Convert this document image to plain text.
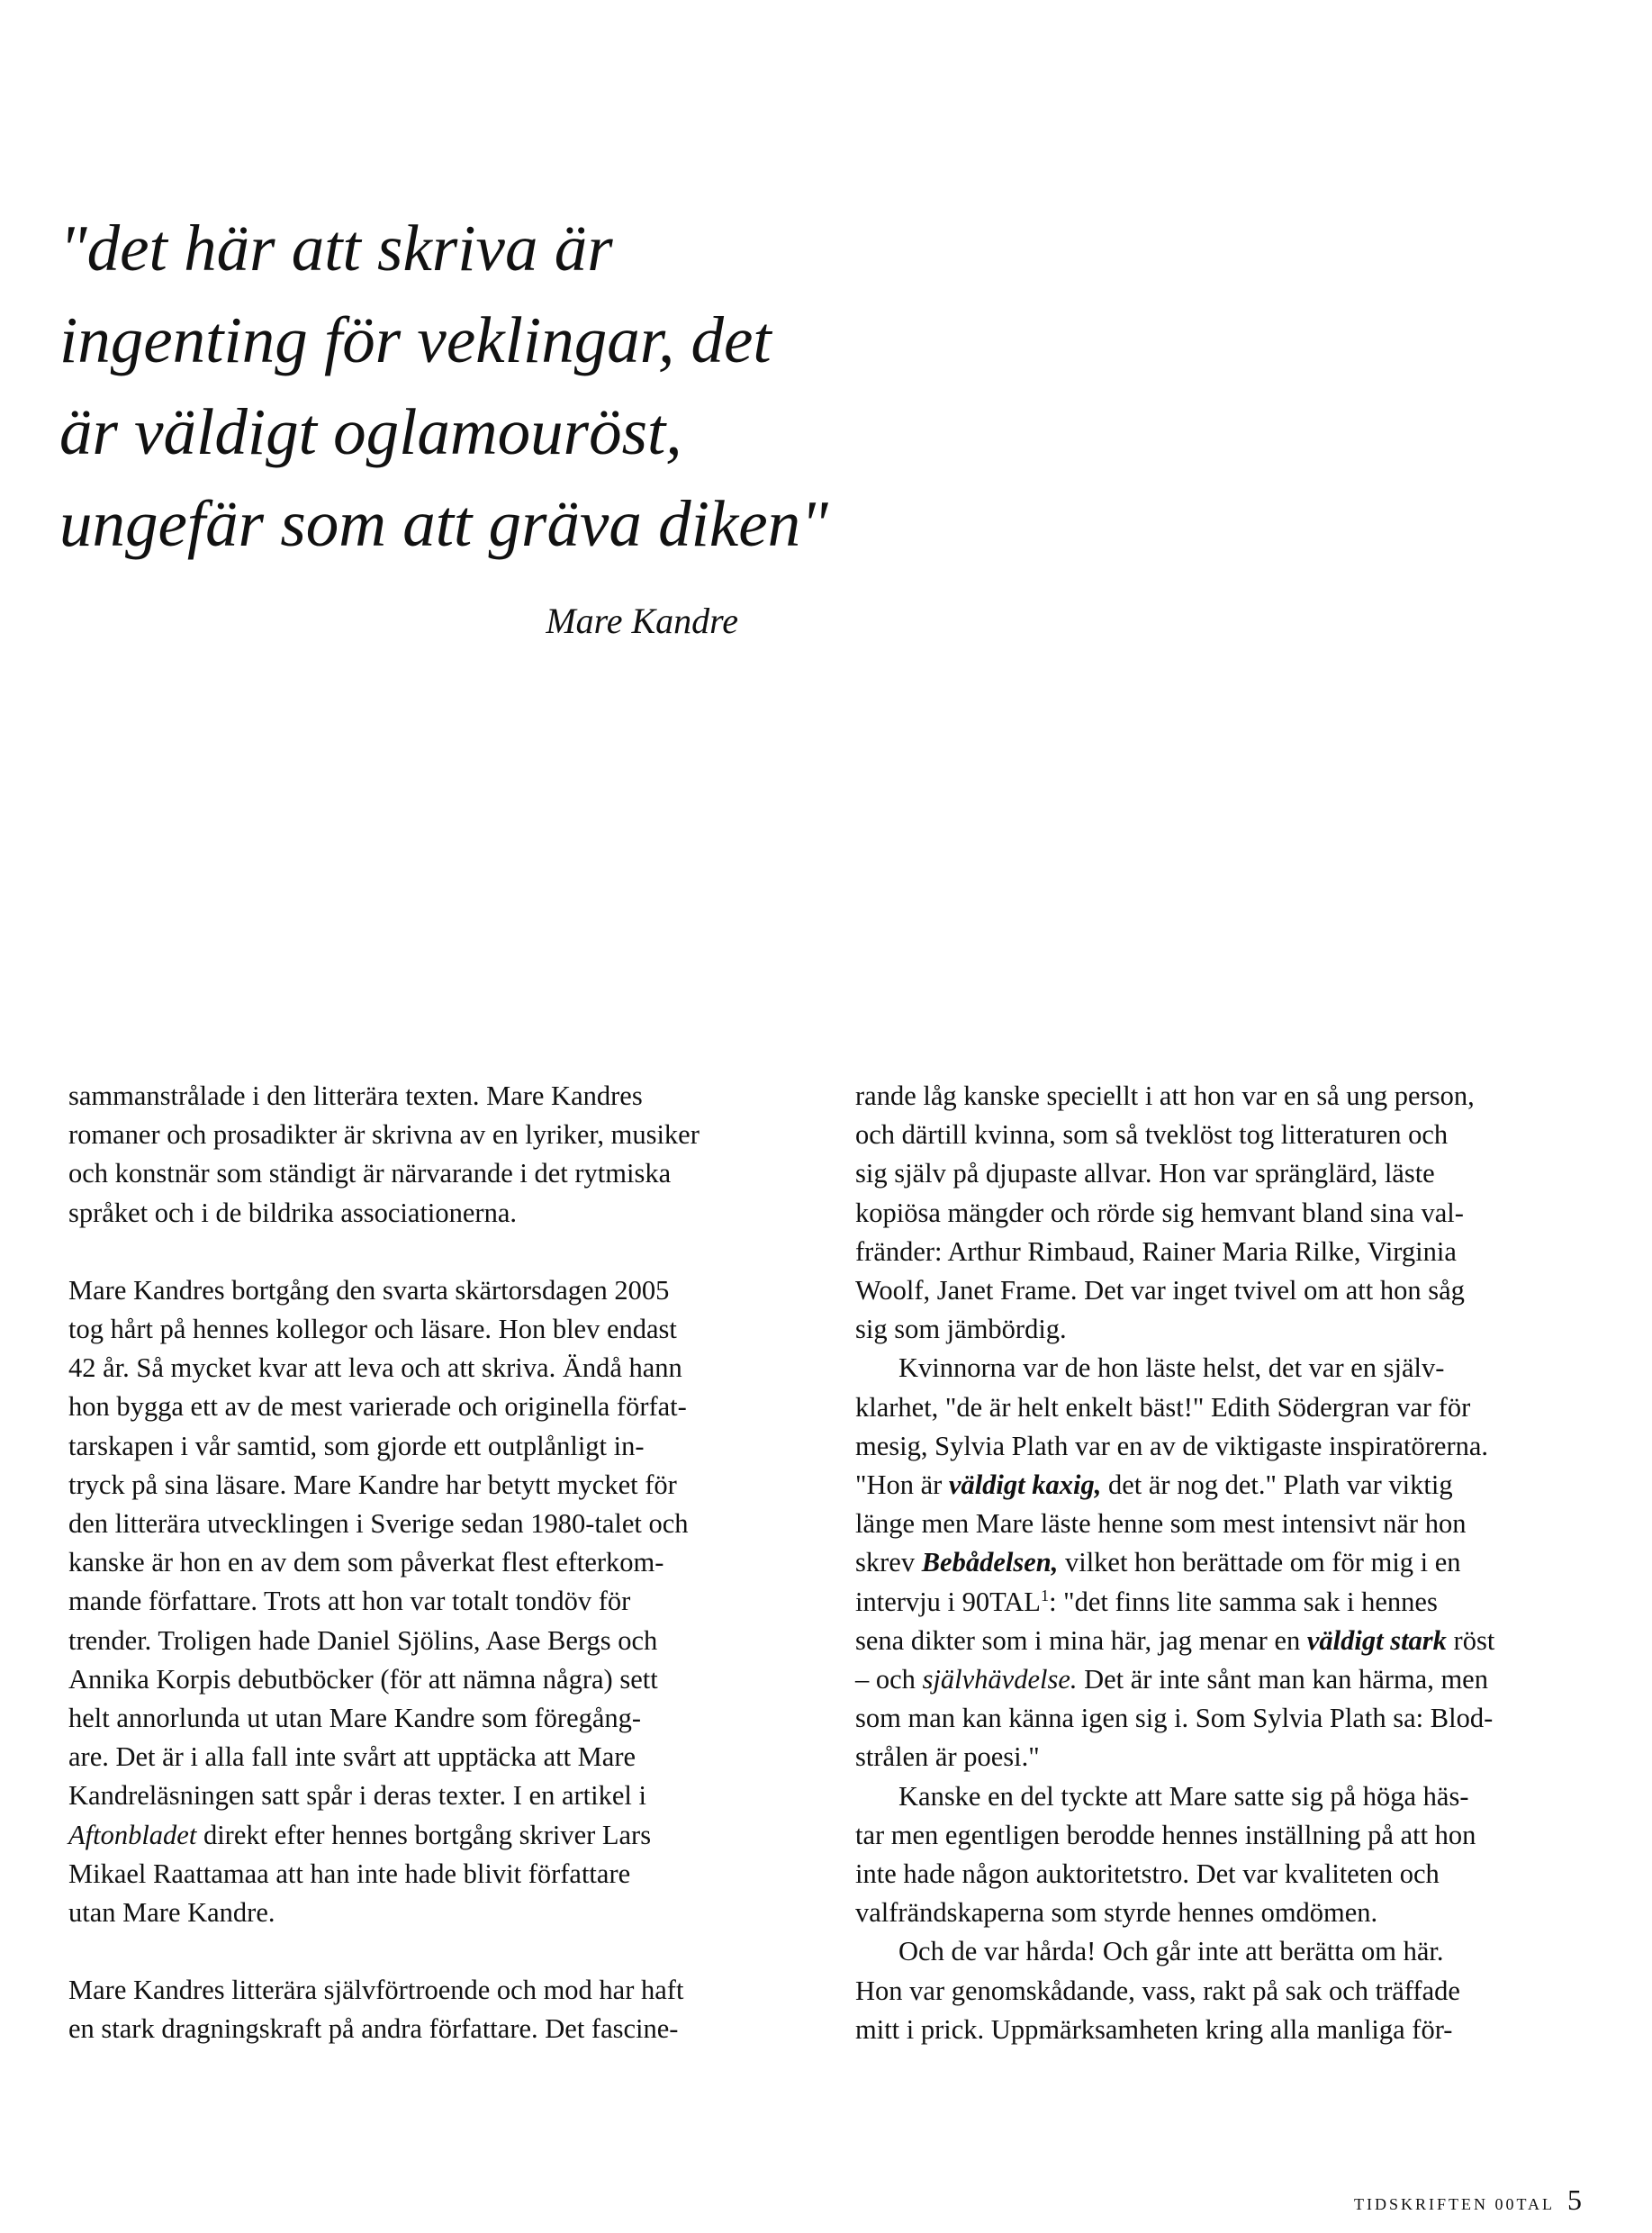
"det här att skriva är
ingenting för veklingar, det
är väldigt oglamouröst,
ungefär som att gräva diken"

Mare Kandre

sammanstrålade i den litterära texten. Mare Kandres
romaner och prosadikter är skrivna av en lyriker, musiker
och konstnär som ständigt är närvarande i det rytmiska
språket och i de bildrika associationerna.

Mare Kandres bortgång den svarta skärtorsdagen 2005
tog hårt på hennes kollegor och läsare. Hon blev endast
42 år. Så mycket kvar att leva och att skriva. Ändå hann
hon bygga ett av de mest varierade och originella förfat-
tarskapen i vår samtid, som gjorde ett outplånligt in-
tryck på sina läsare. Mare Kandre har betytt mycket för
den litterära utvecklingen i Sverige sedan 1980-talet och
kanske är hon en av dem som påverkat flest efterkom-
mande författare. Trots att hon var totalt tondöv för
trender. Troligen hade Daniel Sjölins, Aase Bergs och
Annika Korpis debutböcker (för att nämna några) sett
helt annorlunda ut utan Mare Kandre som föregång-
are. Det är i alla fall inte svårt att upptäcka att Mare
Kandreläsningen satt spår i deras texter. I en artikel i
Aftonbladet direkt efter hennes bortgång skriver Lars
Mikael Raattamaa att han inte hade blivit författare
utan Mare Kandre.

Mare Kandres litterära självförtroende och mod har haft
en stark dragningskraft på andra författare. Det fascine-

rande låg kanske speciellt i att hon var en så ung person,
och därtill kvinna, som så tveklöst tog litteraturen och
sig själv på djupaste allvar. Hon var spränglärd, läste
kopiösa mängder och rörde sig hemvant bland sina val-
fränder: Arthur Rimbaud, Rainer Maria Rilke, Virginia
Woolf, Janet Frame. Det var inget tvivel om att hon såg
sig som jämbördig.

Kvinnorna var de hon läste helst, det var en själv-
klarhet, "de är helt enkelt bäst!" Edith Södergran var för
mesig, Sylvia Plath var en av de viktigaste inspiratörerna.
"Hon är väldigt kaxig, det är nog det." Plath var viktig
länge men Mare läste henne som mest intensivt när hon
skrev Bebådelsen, vilket hon berättade om för mig i en
intervju i 90TAL$^1$: "det finns lite samma sak i hennes
sena dikter som i mina här, jag menar en väldigt stark röst
– och självhävdelse. Det är inte sånt man kan härma, men
som man kan känna igen sig i. Som Sylvia Plath sa: Blod-
strålen är poesi."

Kanske en del tyckte att Mare satte sig på höga häs-
tar men egentligen berodde hennes inställning på att hon
inte hade någon auktoritetstro. Det var kvaliteten och
valfrändskaperna som styrde hennes omdömen.

Och de var hårda! Och går inte att berätta om här.
Hon var genomskådande, vass, rakt på sak och träffade
mitt i prick. Uppmärksamheten kring alla manliga för-

TIDSKRIFTEN 00TAL 5
